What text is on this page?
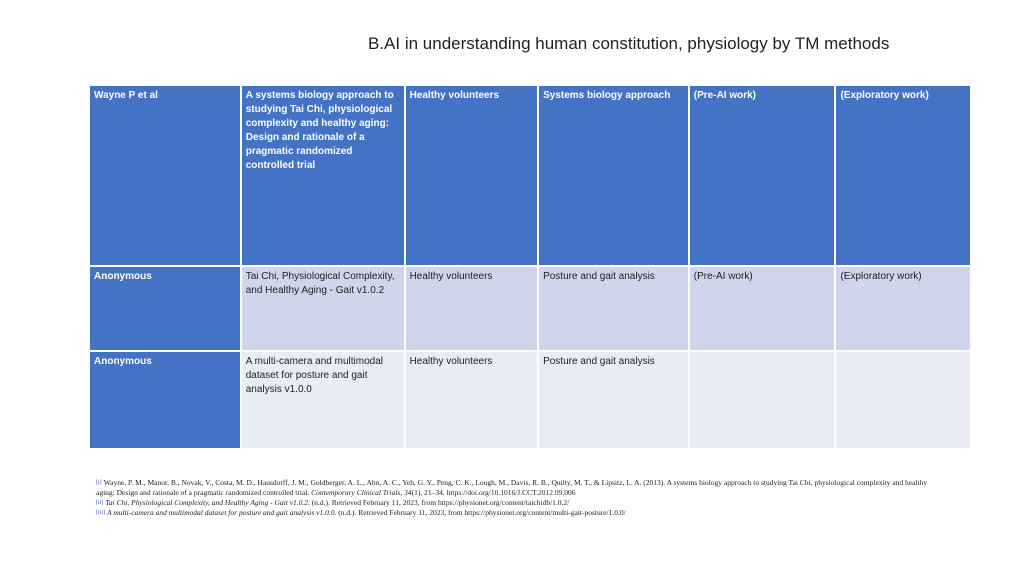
B.AI in understanding human constitution, physiology by TM methods
Wayne P et al	A systems biology approach to studying Tai Chi, physiological complexity and healthy aging: Design and rationale of a pragmatic randomized controlled trial	Healthy volunteers	Systems biology approach	(Pre-AI work)	(Exploratory work)
Anonymous	Tai Chi, Physiological Complexity, and Healthy Aging - Gait v1.0.2	Healthy volunteers	Posture and gait analysis	(Pre-AI work)	(Exploratory work)
Anonymous	A multi-camera and multimodal dataset for posture and gait analysis v1.0.0	Healthy volunteers	Posture and gait analysis		
[i] Wayne, P. M., Manor, B., Novak, V., Costa, M. D., Hausdorff, J. M., Goldberger, A. L., Ahn, A. C., Yeh, G. Y., Peng, C. K., Lough, M., Davis, R. B., Quilty, M. T., & Lipsitz, L. A. (2013). A systems biology approach to studying Tai Chi, physiological complexity and healthy aging: Design and rationale of a pragmatic randomized controlled trial. Contemporary Clinical Trials, 34(1), 21–34. https://doi.org/10.1016/J.CCT.2012.09.006
[ii] Tai Chi, Physiological Complexity, and Healthy Aging - Gait v1.0.2. (n.d.). Retrieved February 11, 2023, from https://physionet.org/content/taichidb/1.0.2/
[iii] A multi-camera and multimodal dataset for posture and gait analysis v1.0.0. (n.d.). Retrieved February 11, 2023, from https://physionet.org/content/multi-gait-posture/1.0.0/
